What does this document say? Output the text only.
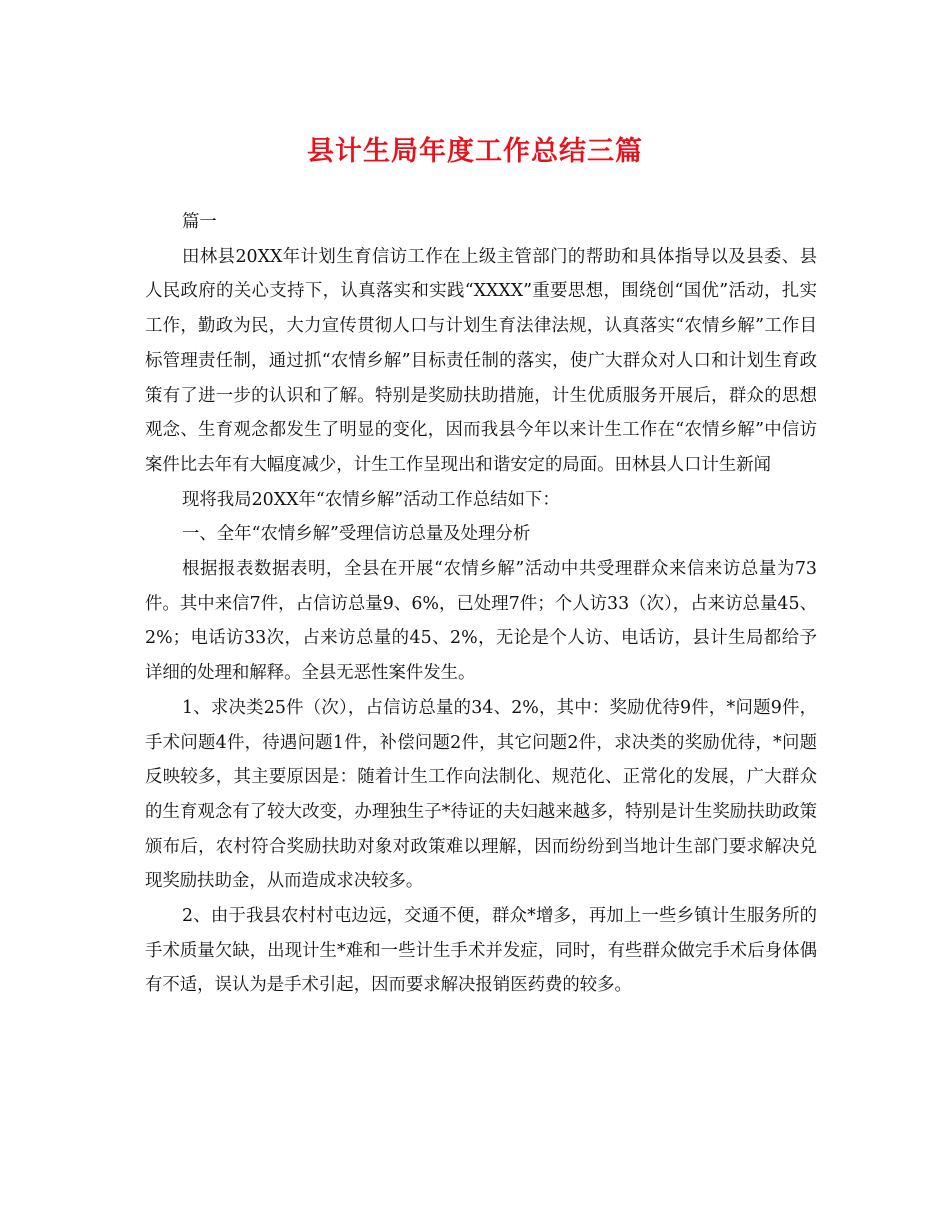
县计生局年度工作总结三篇

篇一

田林县20XX年计划生育信访工作在上级主管部门的帮助和具体指导以及县委、县人民政府的关心支持下，认真落实和实践“XXXX”重要思想，围绕创“国优”活动，扎实工作，勤政为民，大力宣传贯彻人口与计划生育法律法规，认真落实“农情乡解”工作目标管理责任制，通过抓“农情乡解”目标责任制的落实，使广大群众对人口和计划生育政策有了进一步的认识和了解。特别是奖励扶助措施，计生优质服务开展后，群众的思想观念、生育观念都发生了明显的变化，因而我县今年以来计生工作在“农情乡解”中信访案件比去年有大幅度减少，计生工作呈现出和谐安定的局面。田林县人口计生新闻

现将我局20XX年“农情乡解”活动工作总结如下：

一、全年“农情乡解”受理信访总量及处理分析

根据报表数据表明，全县在开展“农情乡解”活动中共受理群众来信来访总量为73件。其中来信7件，占信访总量9、6%，已处理7件；个人访33（次），占来访总量45、2%；电话访33次，占来访总量的45、2%，无论是个人访、电话访，县计生局都给予详细的处理和解释。全县无恶性案件发生。

1、求决类25件（次），占信访总量的34、2%，其中：奖励优待9件，*问题9件，手术问题4件，待遇问题1件，补偿问题2件，其它问题2件，求决类的奖励优待，*问题反映较多，其主要原因是：随着计生工作向法制化、规范化、正常化的发展，广大群众的生育观念有了较大改变，办理独生子*待证的夫妇越来越多，特别是计生奖励扶助政策颁布后，农村符合奖励扶助对象对政策难以理解，因而纷纷到当地计生部门要求解决兑现奖励扶助金，从而造成求决较多。

2、由于我县农村村屯边远，交通不便，群众*增多，再加上一些乡镇计生服务所的手术质量欠缺，出现计生*难和一些计生手术并发症，同时，有些群众做完手术后身体偶有不适，误认为是手术引起，因而要求解决报销医药费的较多。
